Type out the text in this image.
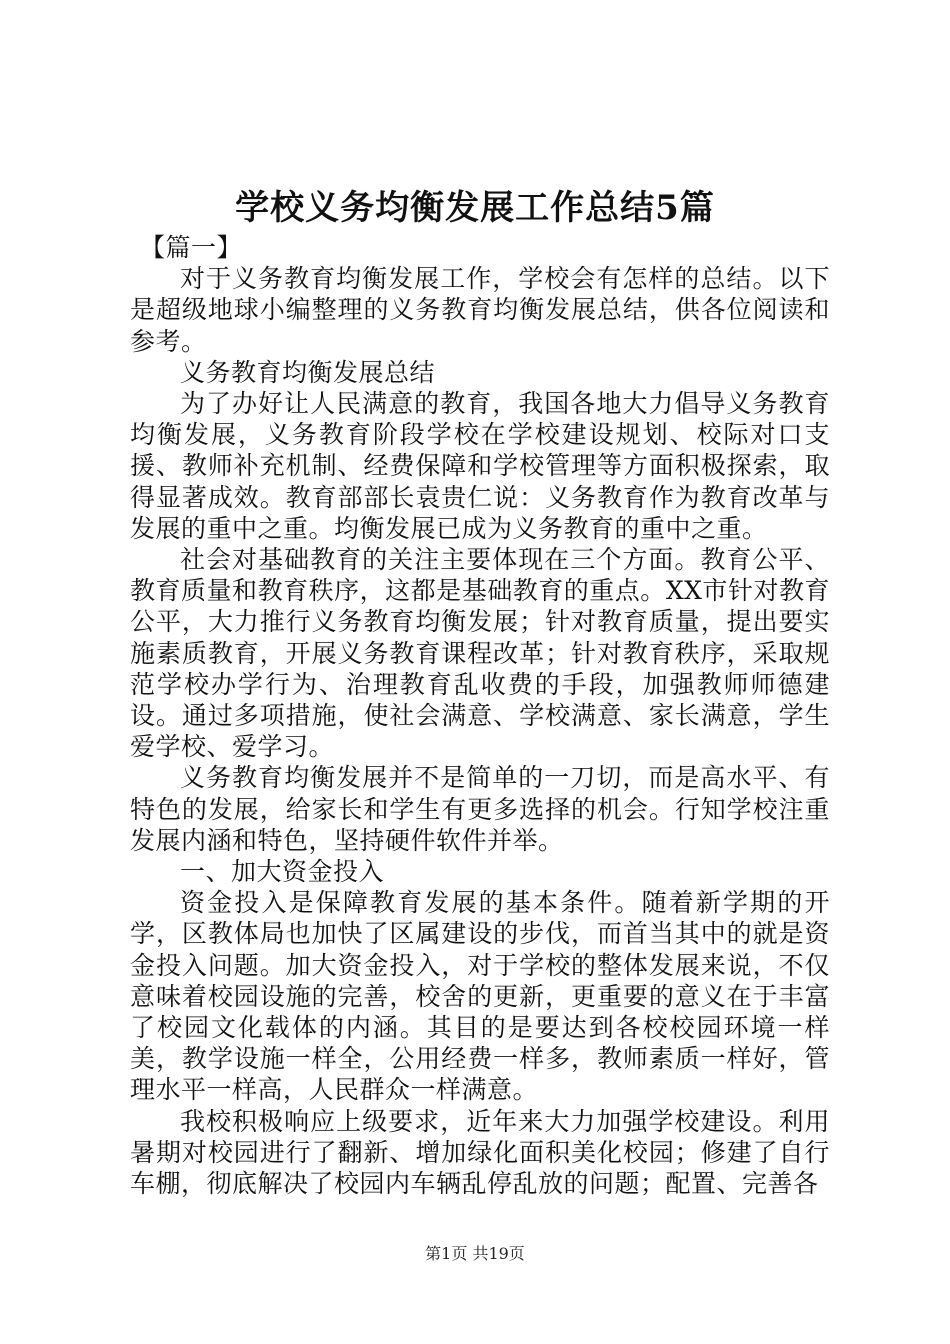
学校义务均衡发展工作总结5篇

【篇一】

对于义务教育均衡发展工作，学校会有怎样的总结。以下是超级地球小编整理的义务教育均衡发展总结，供各位阅读和参考。

义务教育均衡发展总结

为了办好让人民满意的教育，我国各地大力倡导义务教育均衡发展，义务教育阶段学校在学校建设规划、校际对口支援、教师补充机制、经费保障和学校管理等方面积极探索，取得显著成效。教育部部长袁贵仁说：义务教育作为教育改革与发展的重中之重。均衡发展已成为义务教育的重中之重。

社会对基础教育的关注主要体现在三个方面。教育公平、教育质量和教育秩序，这都是基础教育的重点。XX市针对教育公平，大力推行义务教育均衡发展；针对教育质量，提出要实施素质教育，开展义务教育课程改革；针对教育秩序，采取规范学校办学行为、治理教育乱收费的手段，加强教师师德建设。通过多项措施，使社会满意、学校满意、家长满意，学生爱学校、爱学习。

义务教育均衡发展并不是简单的一刀切，而是高水平、有特色的发展，给家长和学生有更多选择的机会。行知学校注重发展内涵和特色，坚持硬件软件并举。

一、加大资金投入

资金投入是保障教育发展的基本条件。随着新学期的开学，区教体局也加快了区属建设的步伐，而首当其中的就是资金投入问题。加大资金投入，对于学校的整体发展来说，不仅意味着校园设施的完善，校舍的更新，更重要的意义在于丰富了校园文化载体的内涵。其目的是要达到各校校园环境一样美，教学设施一样全，公用经费一样多，教师素质一样好，管理水平一样高，人民群众一样满意。

我校积极响应上级要求，近年来大力加强学校建设。利用暑期对校园进行了翻新、增加绿化面积美化校园；修建了自行车棚，彻底解决了校园内车辆乱停乱放的问题；配置、完善各

第1页 共19页
